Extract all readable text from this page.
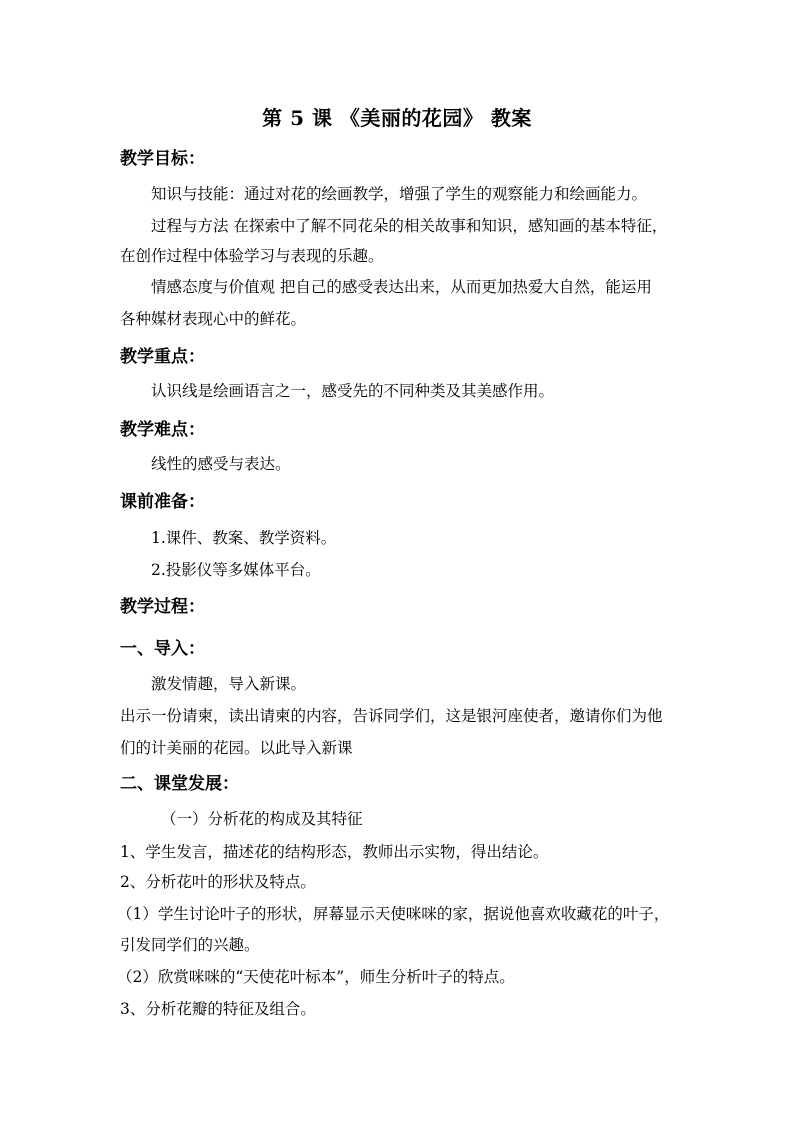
第 5 课 《美丽的花园》 教案
教学目标：
知识与技能：通过对花的绘画教学，增强了学生的观察能力和绘画能力。
过程与方法 在探索中了解不同花朵的相关故事和知识，感知画的基本特征，
在创作过程中体验学习与表现的乐趣。
情感态度与价值观 把自己的感受表达出来，从而更加热爱大自然，能运用
各种媒材表现心中的鲜花。
教学重点：
认识线是绘画语言之一，感受先的不同种类及其美感作用。
教学难点：
线性的感受与表达。
课前准备：
1.课件、教案、教学资料。
2.投影仪等多媒体平台。
教学过程：
一、导入：
激发情趣，导入新课。
出示一份请柬，读出请柬的内容，告诉同学们，这是银河座使者，邀请你们为他
们的计美丽的花园。以此导入新课
二、课堂发展：
（一）分析花的构成及其特征
1、学生发言，描述花的结构形态，教师出示实物，得出结论。
2、分析花叶的形状及特点。
（1）学生讨论叶子的形状，屏幕显示天使咪咪的家，据说他喜欢收藏花的叶子，
引发同学们的兴趣。
（2）欣赏咪咪的“天使花叶标本”，师生分析叶子的特点。
3、分析花瓣的特征及组合。
